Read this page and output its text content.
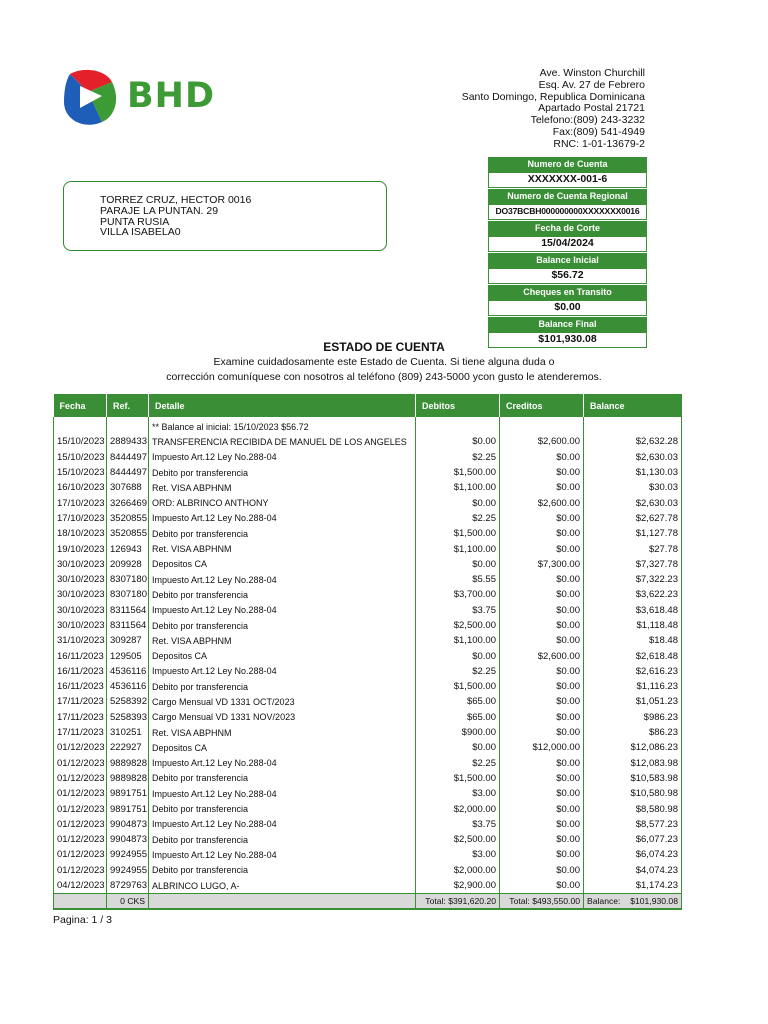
BHD
Ave. Winston Churchill
Esq. Av. 27 de Febrero
Santo Domingo, Republica Dominicana
Apartado Postal 21721
Telefono:(809) 243-3232
Fax:(809) 541-4949
RNC: 1-01-13679-2
TORREZ CRUZ, HECTOR 0016
PARAJE LA PUNTAN. 29
PUNTA RUSIA
VILLA ISABELA0
Numero de Cuenta
XXXXXXX-001-6
Numero de Cuenta Regional
DO37BCBH000000000XXXXXXX0016
Fecha de Corte
15/04/2024
Balance Inicial
$56.72
Cheques en Transito
$0.00
Balance Final
$101,930.08
ESTADO DE CUENTA
Examine cuidadosamente este Estado de Cuenta. Si tiene alguna duda o
corrección comuníquese con nosotros al teléfono (809) 243-5000 ycon gusto le atenderemos.
Fecha	Ref.	Detalle	Debitos	Creditos	Balance
		** Balance al inicial: 15/10/2023 $56.72			
15/10/2023	2889433	TRANSFERENCIA RECIBIDA DE MANUEL DE LOS ANGELES	$0.00	$2,600.00	$2,632.28
15/10/2023	8444497	Impuesto Art.12 Ley No.288-04	$2.25	$0.00	$2,630.03
15/10/2023	8444497	Debito por transferencia	$1,500.00	$0.00	$1,130.03
16/10/2023	307688	Ret. VISA ABPHNM	$1,100.00	$0.00	$30.03
17/10/2023	3266469	ORD: ALBRINCO ANTHONY	$0.00	$2,600.00	$2,630.03
17/10/2023	3520855	Impuesto Art.12 Ley No.288-04	$2.25	$0.00	$2,627.78
18/10/2023	3520855	Debito por transferencia	$1,500.00	$0.00	$1,127.78
19/10/2023	126943	Ret. VISA ABPHNM	$1,100.00	$0.00	$27.78
30/10/2023	209928	Depositos CA	$0.00	$7,300.00	$7,327.78
30/10/2023	8307180	Impuesto Art.12 Ley No.288-04	$5.55	$0.00	$7,322.23
30/10/2023	8307180	Debito por transferencia	$3,700.00	$0.00	$3,622.23
30/10/2023	8311564	Impuesto Art.12 Ley No.288-04	$3.75	$0.00	$3,618.48
30/10/2023	8311564	Debito por transferencia	$2,500.00	$0.00	$1,118.48
31/10/2023	309287	Ret. VISA ABPHNM	$1,100.00	$0.00	$18.48
16/11/2023	129505	Depositos CA	$0.00	$2,600.00	$2,618.48
16/11/2023	4536116	Impuesto Art.12 Ley No.288-04	$2.25	$0.00	$2,616.23
16/11/2023	4536116	Debito por transferencia	$1,500.00	$0.00	$1,116.23
17/11/2023	5258392	Cargo Mensual VD 1331 OCT/2023	$65.00	$0.00	$1,051.23
17/11/2023	5258393	Cargo Mensual VD 1331 NOV/2023	$65.00	$0.00	$986.23
17/11/2023	310251	Ret. VISA ABPHNM	$900.00	$0.00	$86.23
01/12/2023	222927	Depositos CA	$0.00	$12,000.00	$12,086.23
01/12/2023	9889828	Impuesto Art.12 Ley No.288-04	$2.25	$0.00	$12,083.98
01/12/2023	9889828	Debito por transferencia	$1,500.00	$0.00	$10,583.98
01/12/2023	9891751	Impuesto Art.12 Ley No.288-04	$3.00	$0.00	$10,580.98
01/12/2023	9891751	Debito por transferencia	$2,000.00	$0.00	$8,580.98
01/12/2023	9904873	Impuesto Art.12 Ley No.288-04	$3.75	$0.00	$8,577.23
01/12/2023	9904873	Debito por transferencia	$2,500.00	$0.00	$6,077.23
01/12/2023	9924955	Impuesto Art.12 Ley No.288-04	$3.00	$0.00	$6,074.23
01/12/2023	9924955	Debito por transferencia	$2,000.00	$0.00	$4,074.23
04/12/2023	8729763	ALBRINCO LUGO, A-	$2,900.00	$0.00	$1,174.23
	0 CKS		Total: $391,620.20	Total: $493,550.00	Balance: $101,930.08
Pagina: 1 / 3
